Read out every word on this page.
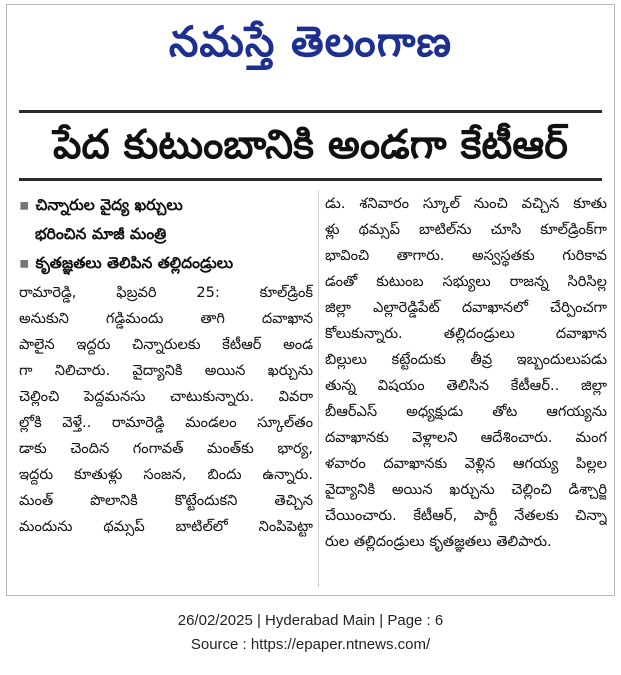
నమస్తే తెలంగాణ
పేద కుటుంబానికి అండగా కేటీఆర్
▪ చిన్నారుల వైద్య ఖర్చులు
భరించిన మాజీ మంత్రి
▪ కృతజ్ఞతలు తెలిపిన తల్లిదండ్రులు
రామారెడ్డి, ఫిబ్రవరి 25: కూల్‌డ్రింక్
అనుకుని గడ్డిమందు తాగి దవాఖాన
పాలైన ఇద్దరు చిన్నారులకు కేటీఆర్ అండ
గా నిలిచారు. వైద్యానికి అయిన ఖర్చును
చెల్లించి పెద్దమనసు చాటుకున్నారు. వివరా
ల్లోకి వెళ్తే.. రామారెడ్డి మండలం స్కూల్‌తం
డాకు చెందిన గంగావత్ మంత్‌కు భార్య,
ఇద్దరు కూతుళ్లు సంజన, బిందు ఉన్నారు.
మంత్ పొలానికి కొట్టేందుకని తెచ్చిన
మందును థమ్సప్ బాటిల్‌లో నింపిపెట్టా
డు. శనివారం స్కూల్ నుంచి వచ్చిన కూతు
ళ్లు థమ్సప్ బాటిల్‌ను చూసి కూల్‌డ్రింక్‌గా
భావించి తాగారు. అస్వస్థతకు గురికావ
డంతో కుటుంబ సభ్యులు రాజన్న సిరిసిల్ల
జిల్లా ఎల్లారెడ్డిపేట్ దవాఖానలో చేర్పించగా
కోలుకున్నారు. తల్లిదండ్రులు దవాఖాన
బిల్లులు కట్టేందుకు తీవ్ర ఇబ్బందులుపడు
తున్న విషయం తెలిసిన కేటీఆర్.. జిల్లా
బీఆర్‌ఎస్ అధ్యక్షుడు తోట ఆగయ్యను
దవాఖానకు వెళ్లాలని ఆదేశించారు. మంగ
ళవారం దవాఖానకు వెళ్లిన ఆగయ్య పిల్లల
వైద్యానికి అయిన ఖర్చును చెల్లించి డిశ్చార్జి
చేయించారు. కేటీఆర్, పార్టీ నేతలకు చిన్నా
రుల తల్లిదండ్రులు కృతజ్ఞతలు తెలిపారు.
26/02/2025 | Hyderabad Main | Page : 6
Source : https://epaper.ntnews.com/
